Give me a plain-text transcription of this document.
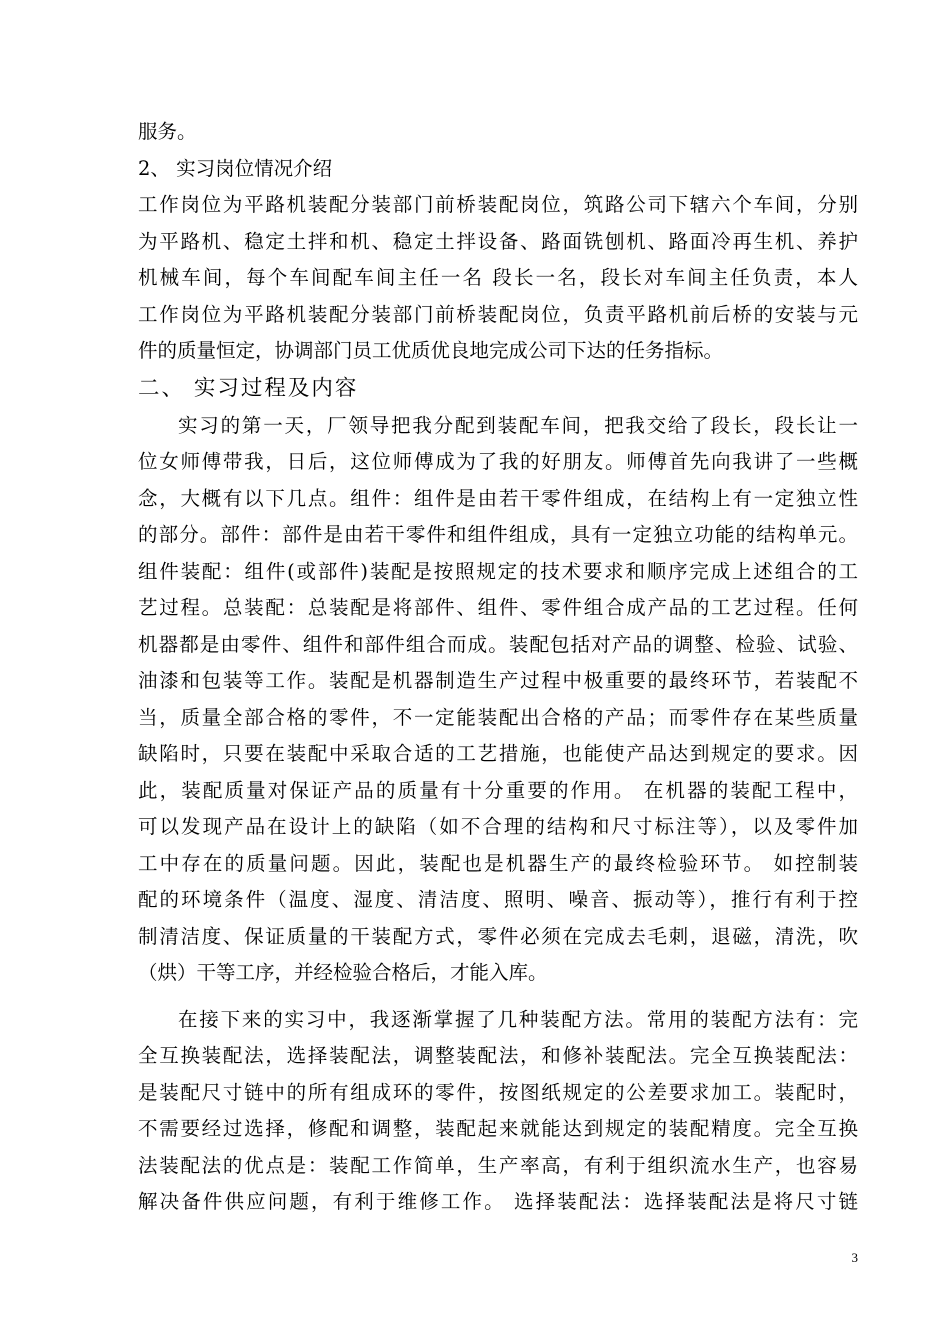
服务。
2、 实习岗位情况介绍
工作岗位为平路机装配分装部门前桥装配岗位，筑路公司下辖六个车间，分别
为平路机、稳定土拌和机、稳定土拌设备、路面铣刨机、路面冷再生机、养护
机械车间，每个车间配车间主任一名 段长一名，段长对车间主任负责，本人
工作岗位为平路机装配分装部门前桥装配岗位，负责平路机前后桥的安装与元
件的质量恒定，协调部门员工优质优良地完成公司下达的任务指标。
二、 实习过程及内容
实习的第一天，厂领导把我分配到装配车间，把我交给了段长，段长让一
位女师傅带我，日后，这位师傅成为了我的好朋友。师傅首先向我讲了一些概
念，大概有以下几点。组件：组件是由若干零件组成，在结构上有一定独立性
的部分。部件：部件是由若干零件和组件组成，具有一定独立功能的结构单元。
组件装配：组件(或部件)装配是按照规定的技术要求和顺序完成上述组合的工
艺过程。总装配：总装配是将部件、组件、零件组合成产品的工艺过程。任何
机器都是由零件、组件和部件组合而成。装配包括对产品的调整、检验、试验、
油漆和包装等工作。装配是机器制造生产过程中极重要的最终环节，若装配不
当，质量全部合格的零件，不一定能装配出合格的产品；而零件存在某些质量
缺陷时，只要在装配中采取合适的工艺措施，也能使产品达到规定的要求。因
此，装配质量对保证产品的质量有十分重要的作用。 在机器的装配工程中，
可以发现产品在设计上的缺陷（如不合理的结构和尺寸标注等），以及零件加
工中存在的质量问题。因此，装配也是机器生产的最终检验环节。 如控制装
配的环境条件（温度、湿度、清洁度、照明、噪音、振动等），推行有利于控
制清洁度、保证质量的干装配方式，零件必须在完成去毛刺，退磁，清洗，吹
（烘）干等工序，并经检验合格后，才能入库。
在接下来的实习中，我逐渐掌握了几种装配方法。常用的装配方法有：完
全互换装配法，选择装配法，调整装配法，和修补装配法。完全互换装配法：
是装配尺寸链中的所有组成环的零件，按图纸规定的公差要求加工。装配时，
不需要经过选择，修配和调整，装配起来就能达到规定的装配精度。完全互换
法装配法的优点是：装配工作简单，生产率高，有利于组织流水生产，也容易
解决备件供应问题，有利于维修工作。 选择装配法：选择装配法是将尺寸链
3
